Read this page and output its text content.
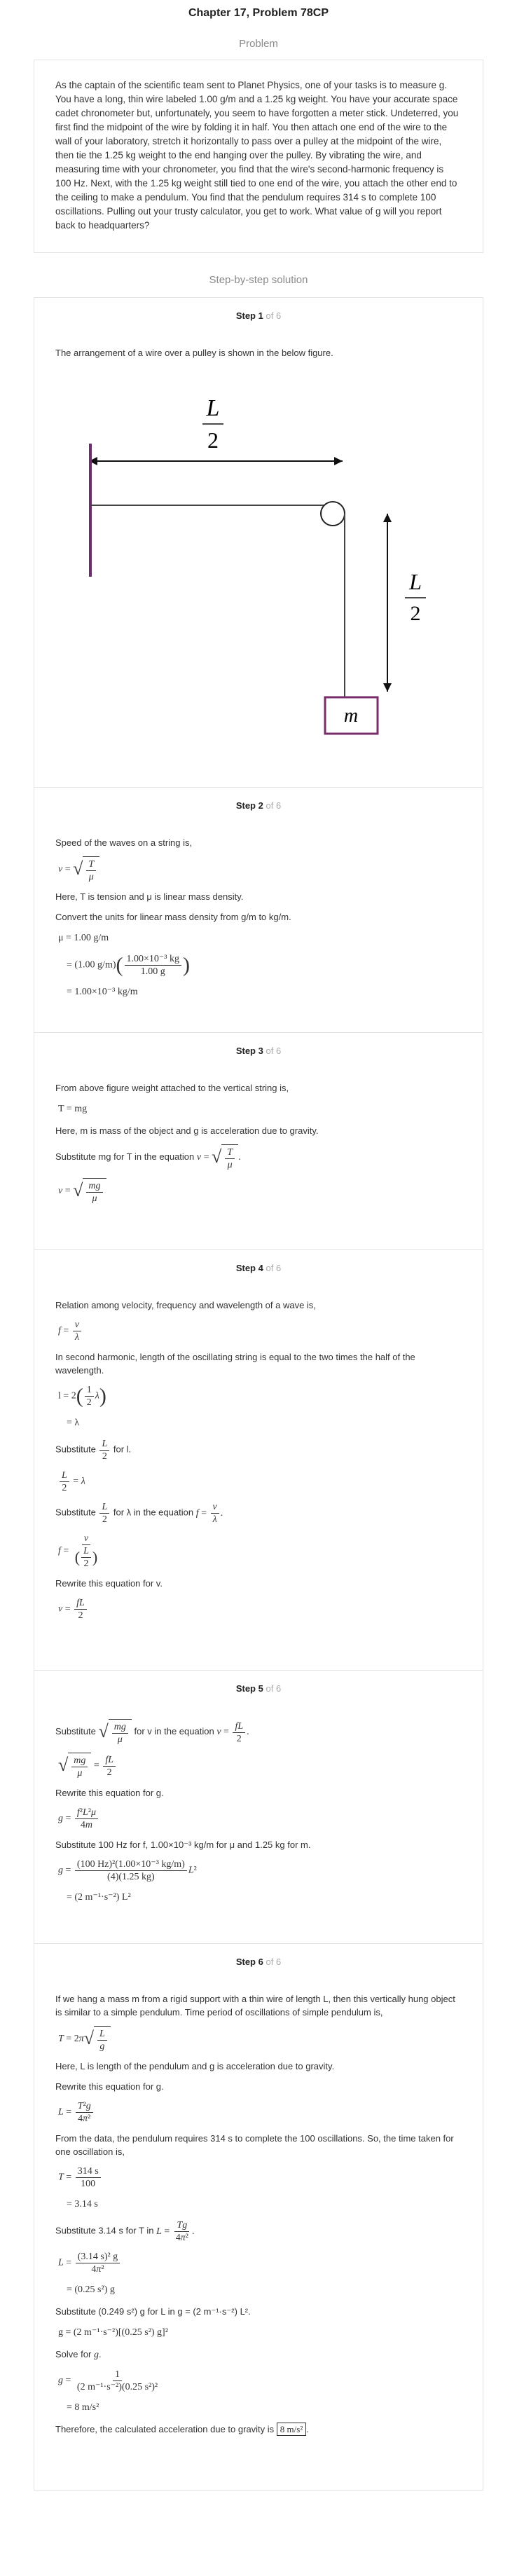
Chapter 17, Problem 78CP
Problem
As the captain of the scientific team sent to Planet Physics, one of your tasks is to measure g. You have a long, thin wire labeled 1.00 g/m and a 1.25 kg weight. You have your accurate space cadet chronometer but, unfortunately, you seem to have forgotten a meter stick. Undeterred, you first find the midpoint of the wire by folding it in half. You then attach one end of the wire to the wall of your laboratory, stretch it horizontally to pass over a pulley at the midpoint of the wire, then tie the 1.25 kg weight to the end hanging over the pulley. By vibrating the wire, and measuring time with your chronometer, you find that the wire's second-harmonic frequency is 100 Hz. Next, with the 1.25 kg weight still tied to one end of the wire, you attach the other end to the ceiling to make a pendulum. You find that the pendulum requires 314 s to complete 100 oscillations. Pulling out your trusty calculator, you get to work. What value of g will you report back to headquarters?
Step-by-step solution
Step 1 of 6

The arrangement of a wire over a pulley is shown in the below figure.

L
2
m
L
2
Step 2 of 6

Speed of the waves on a string is,

v = √ $\frac{T}{\mu}$

Here, T is tension and μ is linear mass density.

Convert the units for linear mass density from g/m to kg/m.

μ = 1.00 g/m
= (1.00 $g/m)( \frac{\text{1.00×10⁻³ kg}}{1.00 g}$ )
= 1.00×10⁻³ kg/m
Step 3 of 6

From above figure weight attached to the vertical string is,

T = mg

Here, m is mass of the object and g is acceleration due to gravity.

Substitute mg for T in the equation v = √ $\frac{T}{\mu}$ .

v = √ $\frac{mg}{\mu}$
Step 4 of 6

Relation among velocity, frequency and wavelength of a wave is,

$f = \frac{v}{\lambda}$

In second harmonic, length of the oscillating string is equal to the two times the half of the wavelength.

$l = 2( \frac{1}{2} \lambda)$
= λ

Substitute $\frac{L}{2}$ for l.

$\frac{L}{2} = \lambda$

Substitute $\frac{L}{2}$ for λ in the equation $f = \frac{v}{\lambda}$ .

$f = \frac{v}{( \frac{L}{2} )}$

Rewrite this equation for v.

$v = \frac{fL}{2}$
Step 5 of 6

Substitute √ $\frac{mg}{\mu}$ for v in the equation $v = \frac{fL}{2}$ .

√ $\frac{mg}{\mu} = \frac{fL}{2}$

Rewrite this equation for g.

$g = \frac{\text{f²L²μ}}{4m}$

Substitute 100 Hz for f, 1.00×10⁻³ kg/m for μ and 1.25 kg for m.

$g = \frac{\text{(100 Hz)²(1.00×10⁻³ kg/m)}}{(4)(1.25 kg)} L^2$
= (2 m⁻¹·s⁻²) L²
Step 6 of 6

If we hang a mass m from a rigid support with a thin wire of length L, then this vertically hung object is similar to a simple pendulum. Time period of oscillations of simple pendulum is,

T = 2π √ $\frac{L}{g}$

Here, L is length of the pendulum and g is acceleration due to gravity.

Rewrite this equation for g.

$L = \frac{\text{T²g}}{\text{4π²}}$

From the data, the pendulum requires 314 s to complete the 100 oscillations. So, the time taken for one oscillation is,

$T = \frac{314 s}{100}$
= 3.14 s

Substitute 3.14 s for T in $L = \frac{Tg}{\text{4π²}}$ .

$L = \frac{\text{(3.14 s)² g}}{\text{4π²}}$
= (0.25 s²) g

Substitute (0.249 s²) g for L in g = (2 m⁻¹·s⁻²) L².

g = (2 m⁻¹·s⁻²)[(0.25 s²) g]²

Solve for g.

$g = \frac{1}{\text{(2 m⁻¹·s⁻²)(0.25 s²)²}}$
= 8 m/s²

Therefore, the calculated acceleration due to gravity is 8 m/s² .
